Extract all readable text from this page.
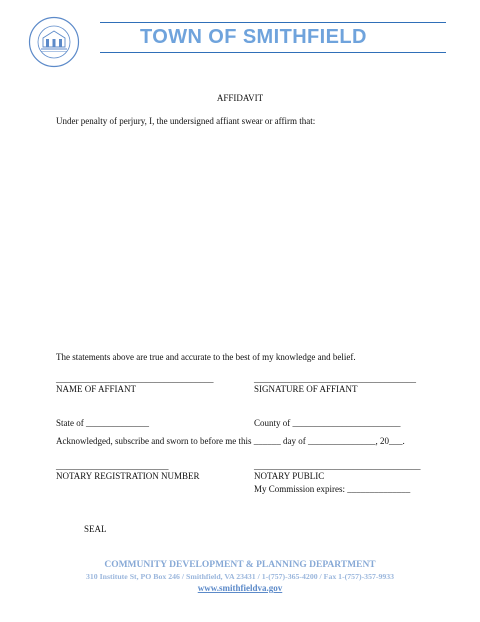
TOWN OF SMITHFIELD
AFFIDAVIT
Under penalty of perjury, I, the undersigned affiant swear or affirm that:
The statements above are true and accurate to the best of my knowledge and belief.
___________________________________	____________________________________
NAME OF AFFIANT	SIGNATURE OF AFFIANT
State of ______________	County of ________________________
Acknowledged, subscribe and sworn to before me this ______ day of _______________, 20___.
_________________________	_____________________________________
NOTARY REGISTRATION NUMBER	NOTARY PUBLIC
My Commission expires: ______________
SEAL
COMMUNITY DEVELOPMENT & PLANNING DEPARTMENT
310 Institute St, PO Box 246 / Smithfield, VA 23431 / 1-(757)-365-4200 / Fax 1-(757)-357-9933
www.smithfieldva.gov
